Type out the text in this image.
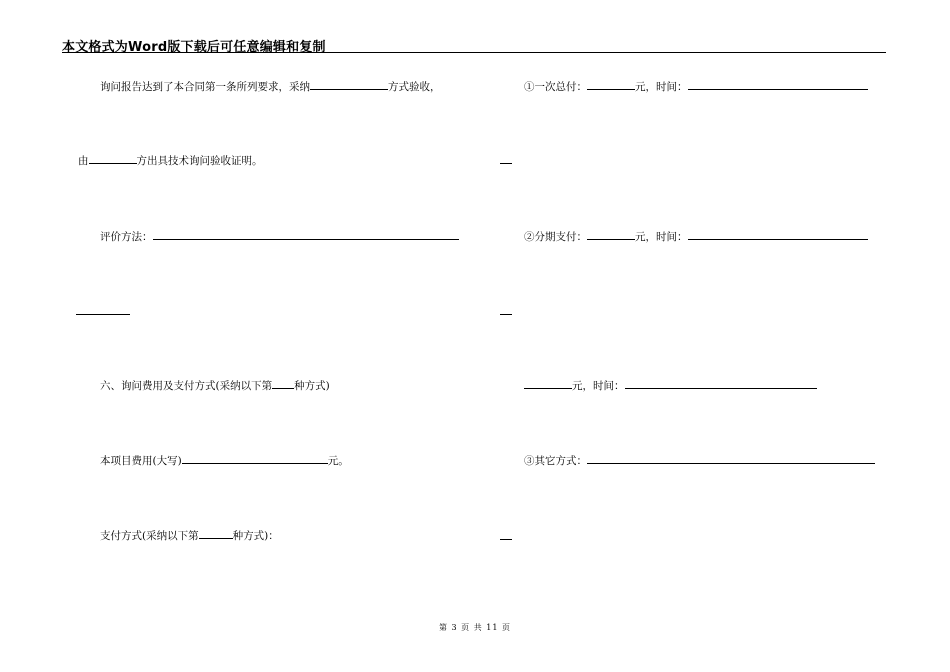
本文格式为Word版下载后可任意编辑和复制
询问报告达到了本合同第一条所列要求，采纳	方式验收，
由	方出具技术询问验收证明。
评价方法：
六、询问费用及支付方式(采纳以下第 种方式)
本项目费用(大写)	元。
支付方式(采纳以下第	种方式)：
①一次总付：	元，时间：
②分期支付：	元，时间：
元，时间：
③其它方式：
第 3 页 共 11 页
